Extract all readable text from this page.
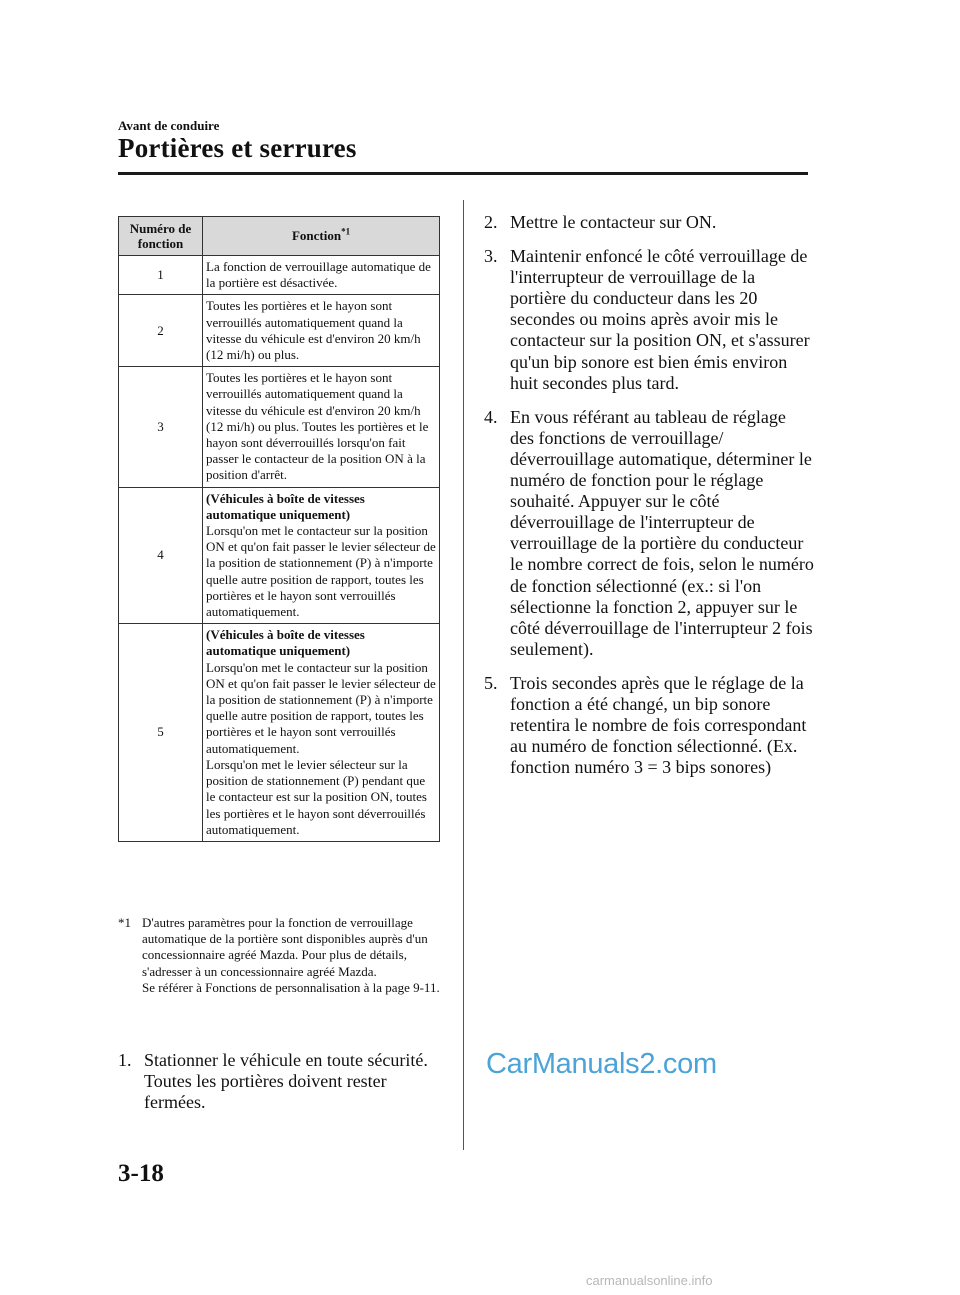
Avant de conduire
Portières et serrures
Numéro de fonction	Fonction$^{*1}$
1	La fonction de verrouillage automatique de la portière est désactivée.
2	Toutes les portières et le hayon sont verrouillés automatiquement quand la vitesse du véhicule est d'environ 20 km/h (12 mi/h) ou plus.
3	Toutes les portières et le hayon sont verrouillés automatiquement quand la vitesse du véhicule est d'environ 20 km/h (12 mi/h) ou plus. Toutes les portières et le hayon sont déverrouillés lorsqu'on fait passer le contacteur de la position ON à la position d'arrêt.
4	(Véhicules à boîte de vitesses automatique uniquement)
Lorsqu'on met le contacteur sur la position ON et qu'on fait passer le levier sélecteur de la position de stationnement (P) à n'importe quelle autre position de rapport, toutes les portières et le hayon sont verrouillés automatiquement.

5	(Véhicules à boîte de vitesses automatique uniquement)
Lorsqu'on met le contacteur sur la position ON et qu'on fait passer le levier sélecteur de la position de stationnement (P) à n'importe quelle autre position de rapport, toutes les portières et le hayon sont verrouillés automatiquement.
Lorsqu'on met le levier sélecteur sur la position de stationnement (P) pendant que le contacteur est sur la position ON, toutes les portières et le hayon sont déverrouillés automatiquement.
*1 D'autres paramètres pour la fonction de verrouillage automatique de la portière sont disponibles auprès d'un concessionnaire agréé Mazda. Pour plus de détails, s'adresser à un concessionnaire agréé Mazda.
Se référer à Fonctions de personnalisation à la page 9-11.
1. Stationner le véhicule en toute sécurité. Toutes les portières doivent rester fermées.
2. Mettre le contacteur sur ON.
3. Maintenir enfoncé le côté verrouillage de l'interrupteur de verrouillage de la portière du conducteur dans les 20 secondes ou moins après avoir mis le contacteur sur la position ON, et s'assurer qu'un bip sonore est bien émis environ huit secondes plus tard.
4. En vous référant au tableau de réglage des fonctions de verrouillage/ déverrouillage automatique, déterminer le numéro de fonction pour le réglage souhaité. Appuyer sur le côté déverrouillage de l'interrupteur de verrouillage de la portière du conducteur le nombre correct de fois, selon le numéro de fonction sélectionné (ex.: si l'on sélectionne la fonction 2, appuyer sur le côté déverrouillage de l'interrupteur 2 fois seulement).
5. Trois secondes après que le réglage de la fonction a été changé, un bip sonore retentira le nombre de fois correspondant au numéro de fonction sélectionné. (Ex. fonction numéro 3 = 3 bips sonores)
CarManuals2.com
3-18
carmanualsonline.info
